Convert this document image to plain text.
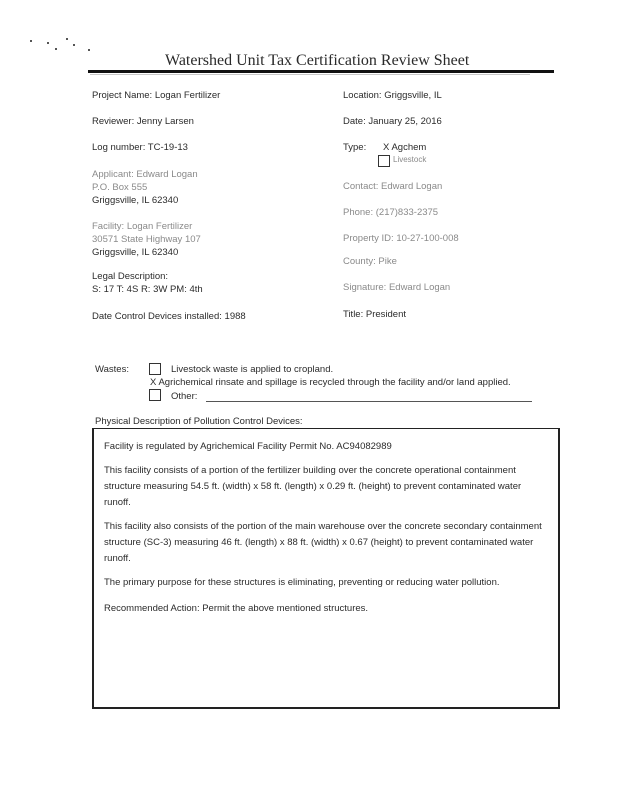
Watershed Unit Tax Certification Review Sheet
Project Name: Logan Fertilizer
Reviewer: Jenny Larsen
Log number: TC-19-13
Applicant: Edward Logan
P.O. Box 555
Griggsville, IL 62340
Facility: Logan Fertilizer
30571 State Highway 107
Griggsville, IL 62340
Legal Description:
S: 17 T: 4S R: 3W PM: 4th
Date Control Devices installed: 1988
Location: Griggsville, IL
Date: January 25, 2016
Type: X Agchem
Livestock
Contact: Edward Logan
Phone: (217)833-2375
Property ID: 10-27-100-008
County: Pike
Signature: Edward Logan
Title: President
Wastes:	Livestock waste is applied to cropland.
X Agrichemical rinsate and spillage is recycled through the facility and/or land applied.
Other:
Physical Description of Pollution Control Devices:
Facility is regulated by Agrichemical Facility Permit No. AC94082989
This facility consists of a portion of the fertilizer building over the concrete operational containment structure measuring 54.5 ft. (width) x 58 ft. (length) x 0.29 ft. (height) to prevent contaminated water runoff.
This facility also consists of the portion of the main warehouse over the concrete secondary containment structure (SC-3) measuring 46 ft. (length) x 88 ft. (width) x 0.67 (height) to prevent contaminated water runoff.
The primary purpose for these structures is eliminating, preventing or reducing water pollution.
Recommended Action: Permit the above mentioned structures.
